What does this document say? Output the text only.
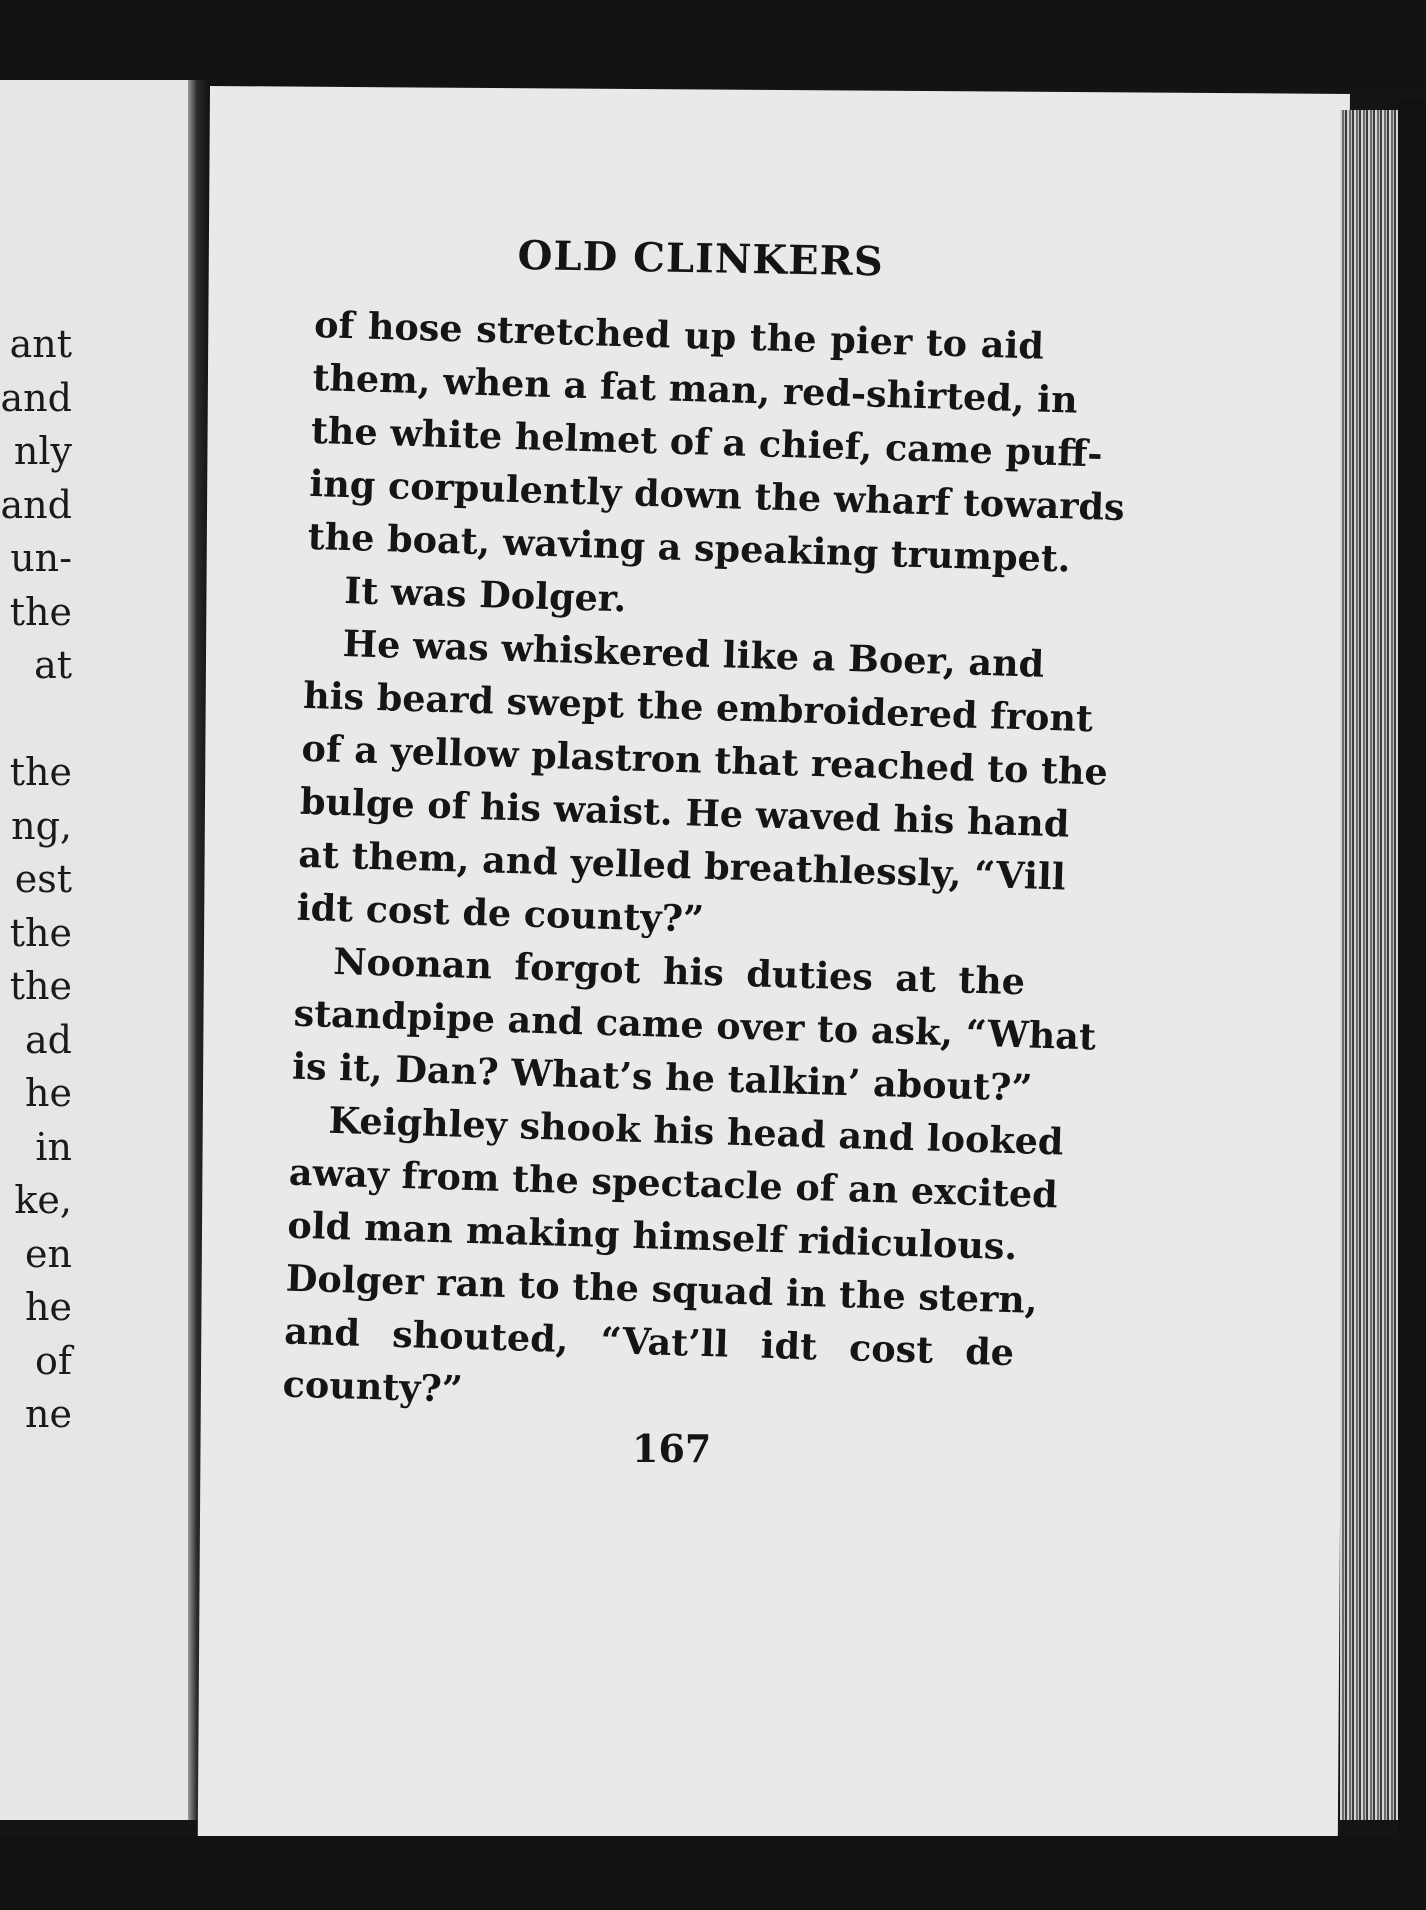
ant
and
nly
and
un-
the
at
the
ng,
est
the
the
ad
he
in
ke,
en
he
of
ne
OLD CLINKERS
of hose stretched up the pier to aid
them, when a fat man, red-shirted, in
the white helmet of a chief, came puff-
ing corpulently down the wharf towards
the boat, waving a speaking trumpet.
It was Dolger.
He was whiskered like a Boer, and
his beard swept the embroidered front
of a yellow plastron that reached to the
bulge of his waist. He waved his hand
at them, and yelled breathlessly, “Vill
idt cost de county?”
Noonan forgot his duties at the
standpipe and came over to ask, “What
is it, Dan? What’s he talkin’ about?”
Keighley shook his head and looked
away from the spectacle of an excited
old man making himself ridiculous.
Dolger ran to the squad in the stern,
and shouted, “Vat’ll idt cost de
county?”
167
